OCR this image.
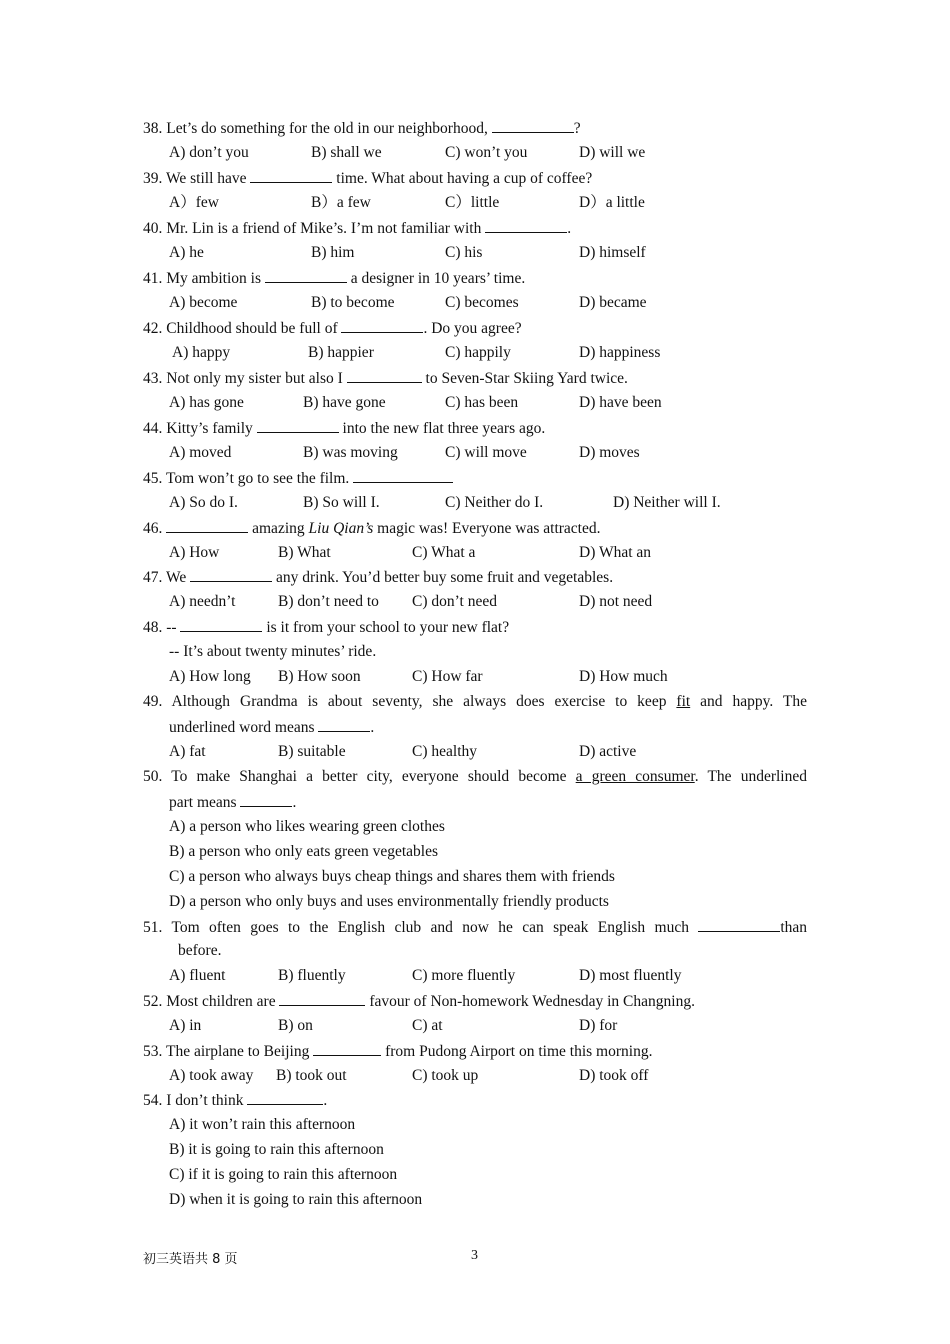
38. Let’s do something for the old in our neighborhood,	?
A) don’t you	B) shall we	C) won’t you	D) will we
39. We still have	time. What about having a cup of coffee?
A）few	B）a few	C）little	D）a little
40. Mr. Lin is a friend of Mike’s. I’m not familiar with	.
A) he	B) him	C) his	D) himself
41. My ambition is	a designer in 10 years’ time.
A) become	B) to become	C) becomes	D) became
42. Childhood should be full of	. Do you agree?
A) happy	B) happier	C) happily	D) happiness
43. Not only my sister but also I	to Seven-Star Skiing Yard twice.
A) has gone	B) have gone	C) has been	D) have been
44. Kitty’s family	into the new flat three years ago.
A) moved	B) was moving	C) will move	D) moves
45. Tom won’t go to see the film.
A) So do I.	B) So will I.	C) Neither do I.	D) Neither will I.
46.	amazing Liu Qian’s magic was! Everyone was attracted.
A) How	B) What	C) What a	D) What an
47. We	any drink. You’d better buy some fruit and vegetables.
A) needn’t	B) don’t need to C) don’t need	D) not need
48. --	is it from your school to your new flat?
-- It’s about twenty minutes’ ride.
A) How long B) How soon	C) How far	D) How much
49. Although Grandma is about seventy, she always does exercise to keep fit and happy. The
underlined word means	.
A) fat	B) suitable	C) healthy	D) active
50. To make Shanghai a better city, everyone should become a green consumer. The underlined
part means	.
A) a person who likes wearing green clothes
B) a person who only eats green vegetables
C) a person who always buys cheap things and shares them with friends
D) a person who only buys and uses environmentally friendly products
51. Tom often goes to the English club and now he can speak English much	than
before.
A) fluent	B) fluently	C) more fluently	D) most fluently
52. Most children are	favour of Non-homework Wednesday in Changning.
A) in	B) on	C) at	D) for
53. The airplane to Beijing	from Pudong Airport on time this morning.
A) took away B) took out	C) took up	D) took off
54. I don’t think	.
A) it won’t rain this afternoon
B) it is going to rain this afternoon
C) if it is going to rain this afternoon
D) when it is going to rain this afternoon
初三英语共 8 页	3
